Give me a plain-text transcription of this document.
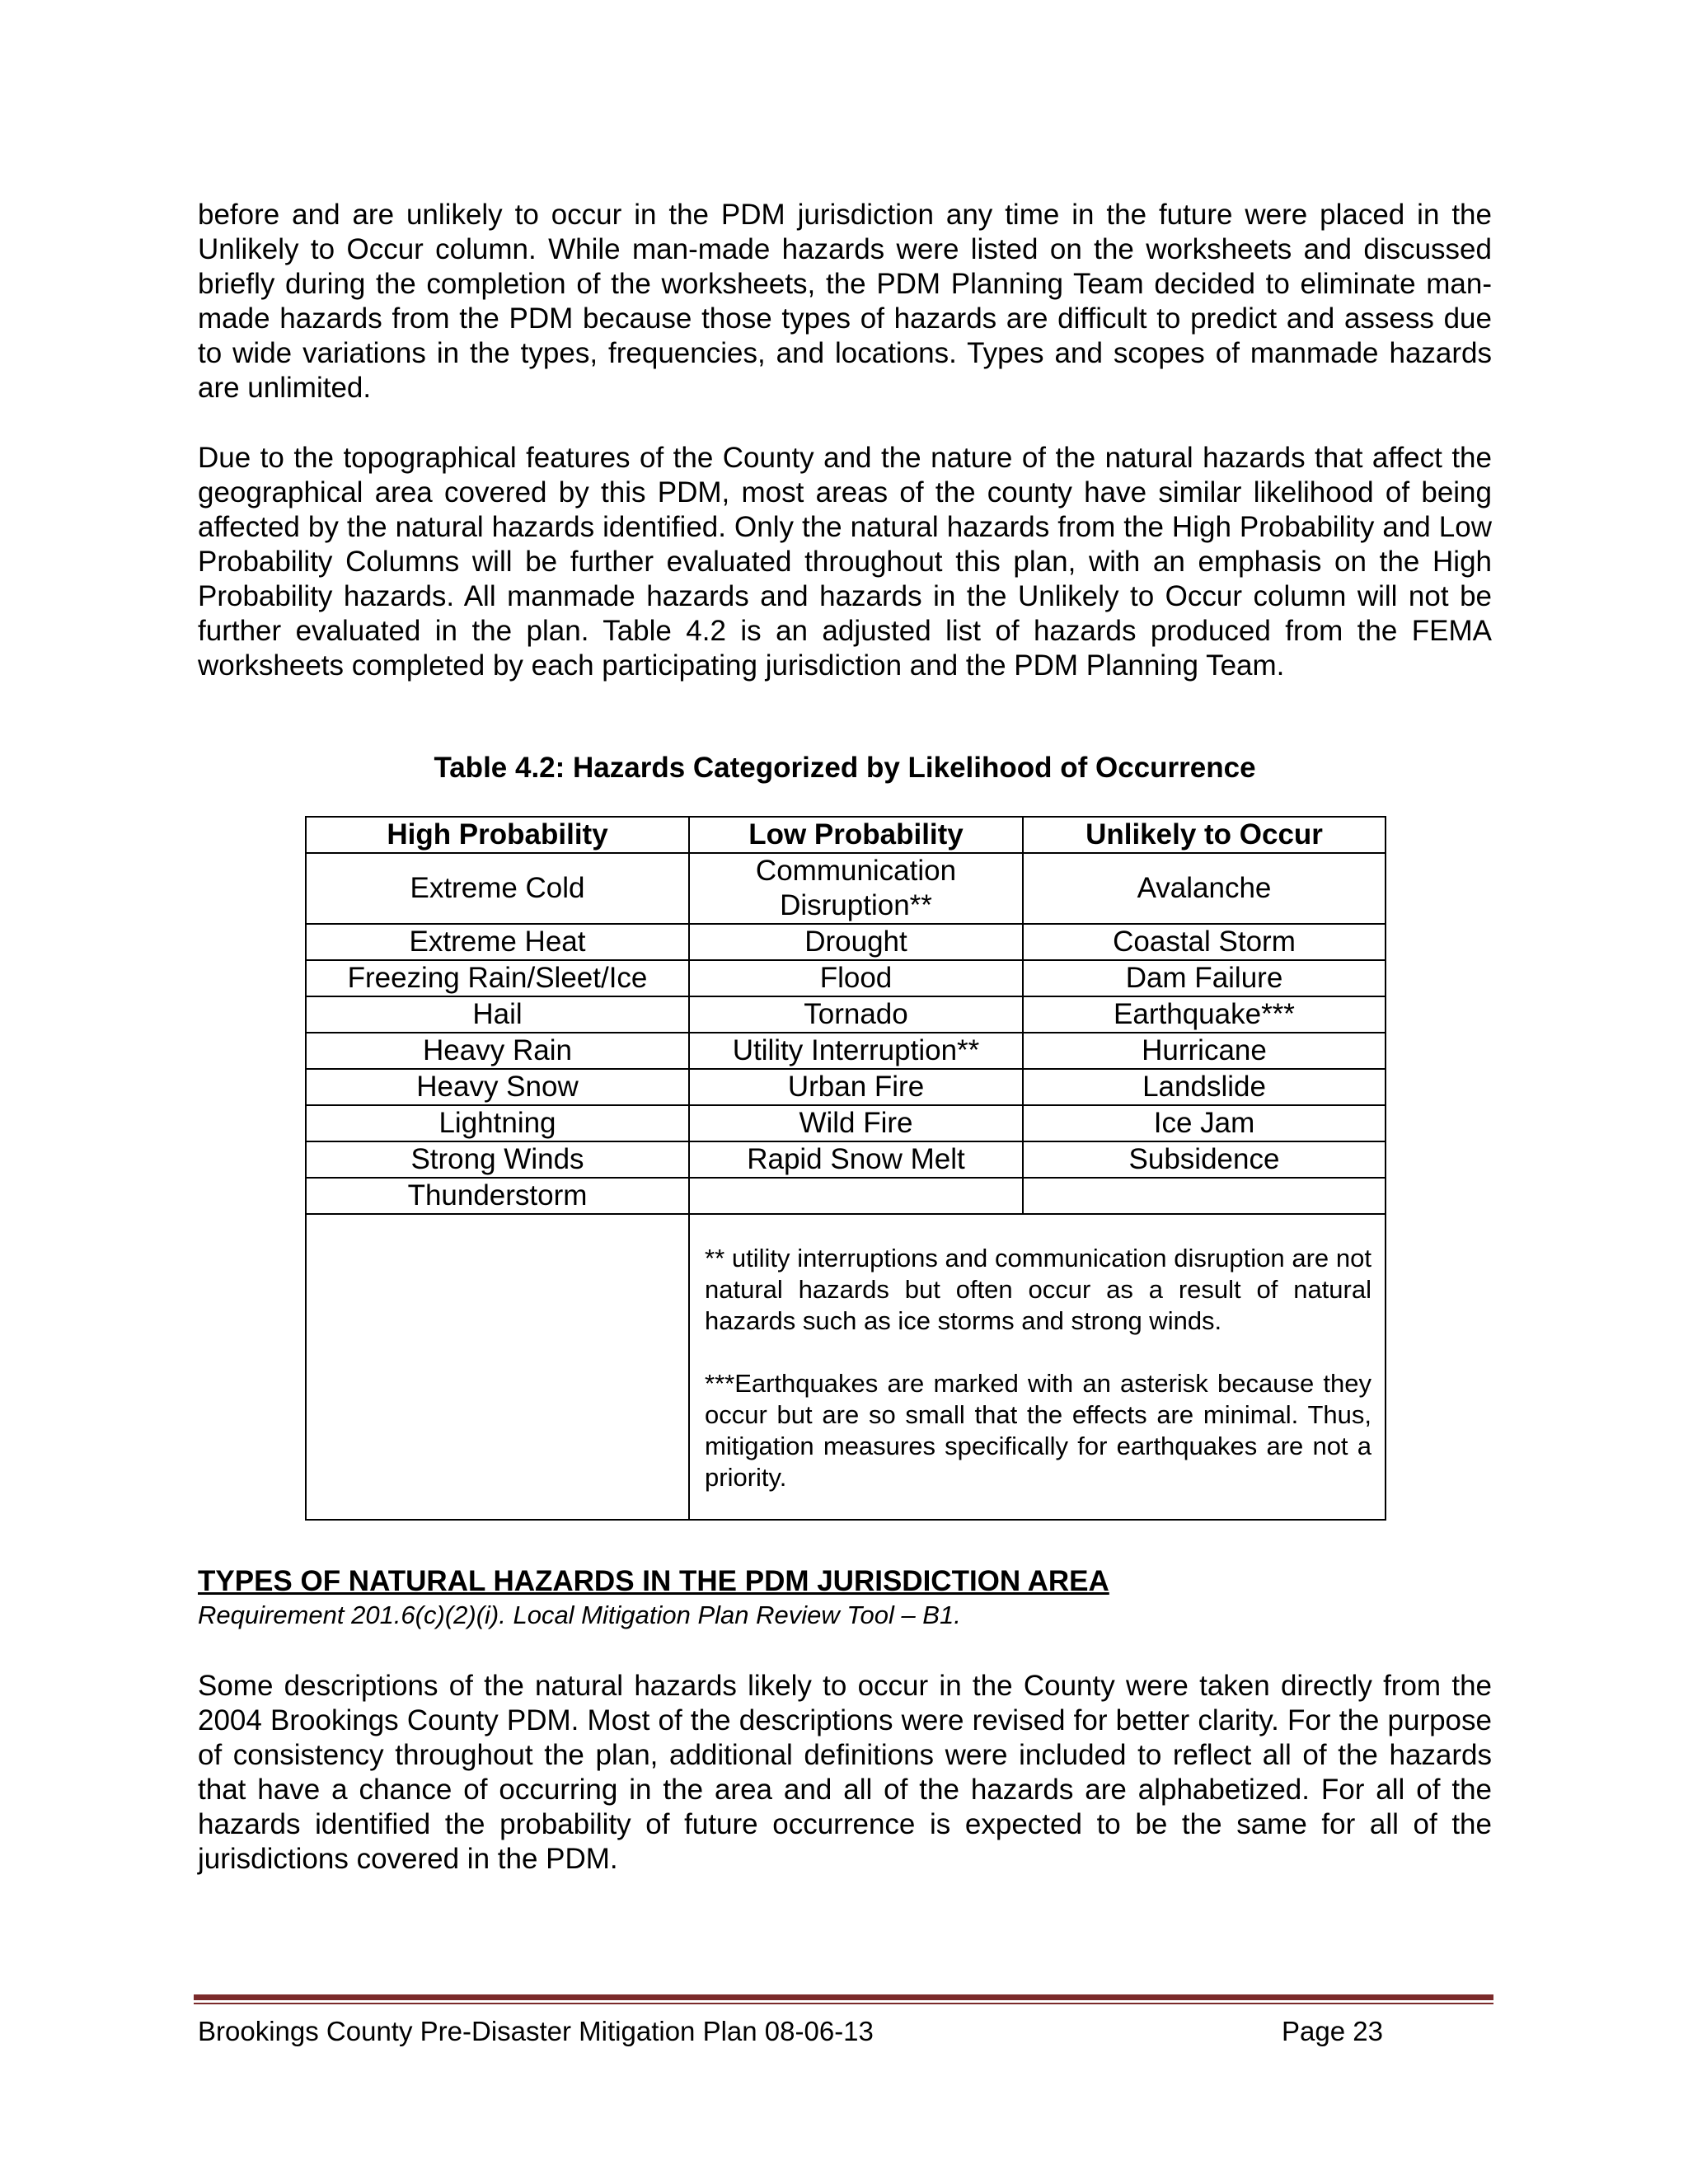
before and are unlikely to occur in the PDM jurisdiction any time in the future were placed in the Unlikely to Occur column. While man-made hazards were listed on the worksheets and discussed briefly during the completion of the worksheets, the PDM Planning Team decided to eliminate man-made hazards from the PDM because those types of hazards are difficult to predict and assess due to wide variations in the types, frequencies, and locations. Types and scopes of manmade hazards are unlimited.

Due to the topographical features of the County and the nature of the natural hazards that affect the geographical area covered by this PDM, most areas of the county have similar likelihood of being affected by the natural hazards identified. Only the natural hazards from the High Probability and Low Probability Columns will be further evaluated throughout this plan, with an emphasis on the High Probability hazards. All manmade hazards and hazards in the Unlikely to Occur column will not be further evaluated in the plan. Table 4.2 is an adjusted list of hazards produced from the FEMA worksheets completed by each participating jurisdiction and the PDM Planning Team.

Table 4.2: Hazards Categorized by Likelihood of Occurrence

High Probability	Low Probability	Unlikely to Occur
Extreme Cold	Communication Disruption**	Avalanche
Extreme Heat	Drought	Coastal Storm
Freezing Rain/Sleet/Ice	Flood	Dam Failure
Hail	Tornado	Earthquake***
Heavy Rain	Utility Interruption**	Hurricane
Heavy Snow	Urban Fire	Landslide
Lightning	Wild Fire	Ice Jam
Strong Winds	Rapid Snow Melt	Subsidence
Thunderstorm		

	** utility interruptions and communication disruption are not natural hazards but often occur as a result of natural hazards such as ice storms and strong winds.

***Earthquakes are marked with an asterisk because they occur but are so small that the effects are minimal. Thus, mitigation measures specifically for earthquakes are not a priority.	

TYPES OF NATURAL HAZARDS IN THE PDM JURISDICTION AREA

Requirement 201.6(c)(2)(i). Local Mitigation Plan Review Tool – B1.

Some descriptions of the natural hazards likely to occur in the County were taken directly from the 2004 Brookings County PDM. Most of the descriptions were revised for better clarity. For the purpose of consistency throughout the plan, additional definitions were included to reflect all of the hazards that have a chance of occurring in the area and all of the hazards are alphabetized. For all of the hazards identified the probability of future occurrence is expected to be the same for all of the jurisdictions covered in the PDM.

Brookings County Pre-Disaster Mitigation Plan 08-06-13	Page 23
